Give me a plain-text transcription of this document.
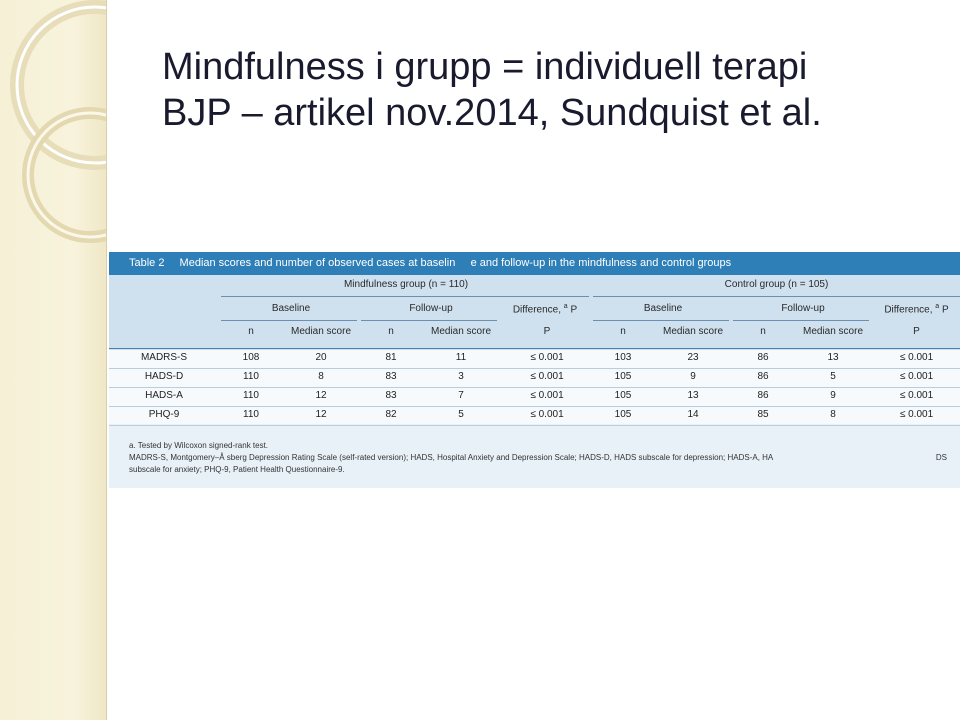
Mindfulness i grupp = individuell terapi
BJP – artikel nov.2014, Sundquist et al.
Table 2 Median scores and number of observed cases at baselin     e and follow-up in the mindfulness and control groups
Mindfulness group (n = 110)	Control group (n = 105)
Baseline	Follow-up	Difference, $^a$ P	Baseline	Follow-up	Difference, $^a$ P
n	Median score	n	Median score	P	n	Median score	n	Median score	P
MADRS-S	108	20	81	11	≤ 0.001	103	23	86	13	≤ 0.001
HADS-D	110	8	83	3	≤ 0.001	105	9	86	5	≤ 0.001
HADS-A	110	12	83	7	≤ 0.001	105	13	86	9	≤ 0.001
PHQ-9	110	12	82	5	≤ 0.001	105	14	85	8	≤ 0.001
a. Tested by Wilcoxon signed-rank test.
MADRS-S, Montgomery–Å sberg Depression Rating Scale (self-rated version); HADS, Hospital Anxiety and Depression Scale; HADS-D, HADS subscale for depression; HADS-A, HA	DS
subscale for anxiety; PHQ-9, Patient Health Questionnaire-9.
